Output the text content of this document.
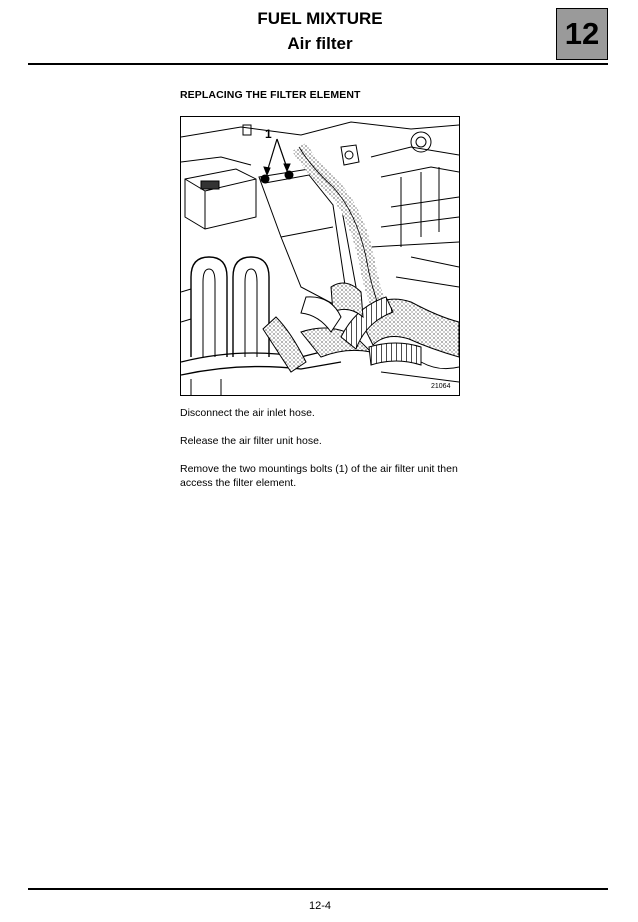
FUEL MIXTURE
Air filter	12
REPLACING THE FILTER ELEMENT
1
21064
Disconnect the air inlet hose.
Release the air filter unit hose.
Remove the two mountings bolts (1) of the air filter unit then access the filter element.
12-4
